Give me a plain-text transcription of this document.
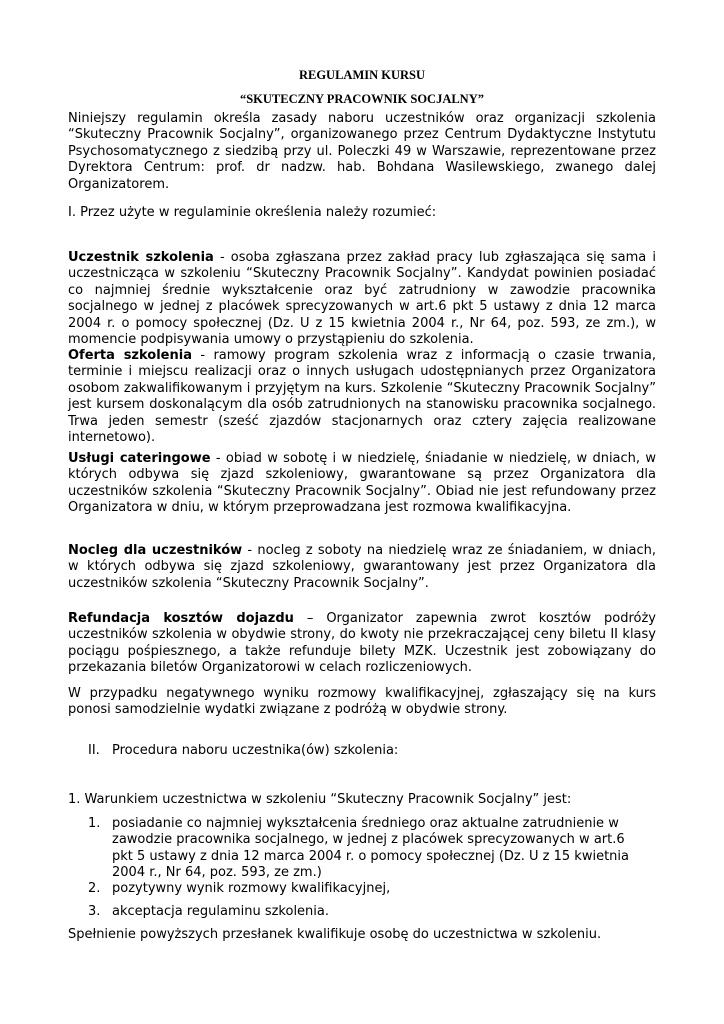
REGULAMIN KURSU

“SKUTECZNY PRACOWNIK SOCJALNY”

Niniejszy regulamin określa zasady naboru uczestników oraz organizacji szkolenia “Skuteczny Pracownik Socjalny”, organizowanego przez Centrum Dydaktyczne Instytutu Psychosomatycznego z siedzibą przy ul. Poleczki 49 w Warszawie, reprezentowane przez Dyrektora Centrum: prof. dr nadzw. hab. Bohdana Wasilewskiego, zwanego dalej Organizatorem.

I. Przez użyte w regulaminie określenia należy rozumieć:

Uczestnik szkolenia - osoba zgłaszana przez zakład pracy lub zgłaszająca się sama i uczestnicząca w szkoleniu “Skuteczny Pracownik Socjalny”. Kandydat powinien posiadać co najmniej średnie wykształcenie oraz być zatrudniony w zawodzie pracownika socjalnego w jednej z placówek sprecyzowanych w art.6 pkt 5 ustawy z dnia 12 marca 2004 r. o pomocy społecznej (Dz. U z 15 kwietnia 2004 r., Nr 64, poz. 593, ze zm.), w momencie podpisywania umowy o przystąpieniu do szkolenia.

Oferta szkolenia - ramowy program szkolenia wraz z informacją o czasie trwania, terminie i miejscu realizacji oraz o innych usługach udostępnianych przez Organizatora osobom zakwalifikowanym i przyjętym na kurs. Szkolenie “Skuteczny Pracownik Socjalny” jest kursem doskonalącym dla osób zatrudnionych na stanowisku pracownika socjalnego. Trwa jeden semestr (sześć zjazdów stacjonarnych oraz cztery zajęcia realizowane internetowo).

Usługi cateringowe - obiad w sobotę i w niedzielę, śniadanie w niedzielę, w dniach, w których odbywa się zjazd szkoleniowy, gwarantowane są przez Organizatora dla uczestników szkolenia “Skuteczny Pracownik Socjalny”. Obiad nie jest refundowany przez Organizatora w dniu, w którym przeprowadzana jest rozmowa kwalifikacyjna.

Nocleg dla uczestników - nocleg z soboty na niedzielę wraz ze śniadaniem, w dniach, w których odbywa się zjazd szkoleniowy, gwarantowany jest przez Organizatora dla uczestników szkolenia “Skuteczny Pracownik Socjalny”.

Refundacja kosztów dojazdu – Organizator zapewnia zwrot kosztów podróży uczestników szkolenia w obydwie strony, do kwoty nie przekraczającej ceny biletu II klasy pociągu pośpiesznego, a także refunduje bilety MZK. Uczestnik jest zobowiązany do przekazania biletów Organizatorowi w celach rozliczeniowych.

W przypadku negatywnego wyniku rozmowy kwalifikacyjnej, zgłaszający się na kurs ponosi samodzielnie wydatki związane z podróżą w obydwie strony.

II. Procedura naboru uczestnika(ów) szkolenia:

1. Warunkiem uczestnictwa w szkoleniu “Skuteczny Pracownik Socjalny” jest:

1. posiadanie co najmniej wykształcenia średniego oraz aktualne zatrudnienie w zawodzie pracownika socjalnego, w jednej z placówek sprecyzowanych w art.6 pkt 5 ustawy z dnia 12 marca 2004 r. o pomocy społecznej (Dz. U z 15 kwietnia 2004 r., Nr 64, poz. 593, ze zm.)

2. pozytywny wynik rozmowy kwalifikacyjnej,

3. akceptacja regulaminu szkolenia.

Spełnienie powyższych przesłanek kwalifikuje osobę do uczestnictwa w szkoleniu.
